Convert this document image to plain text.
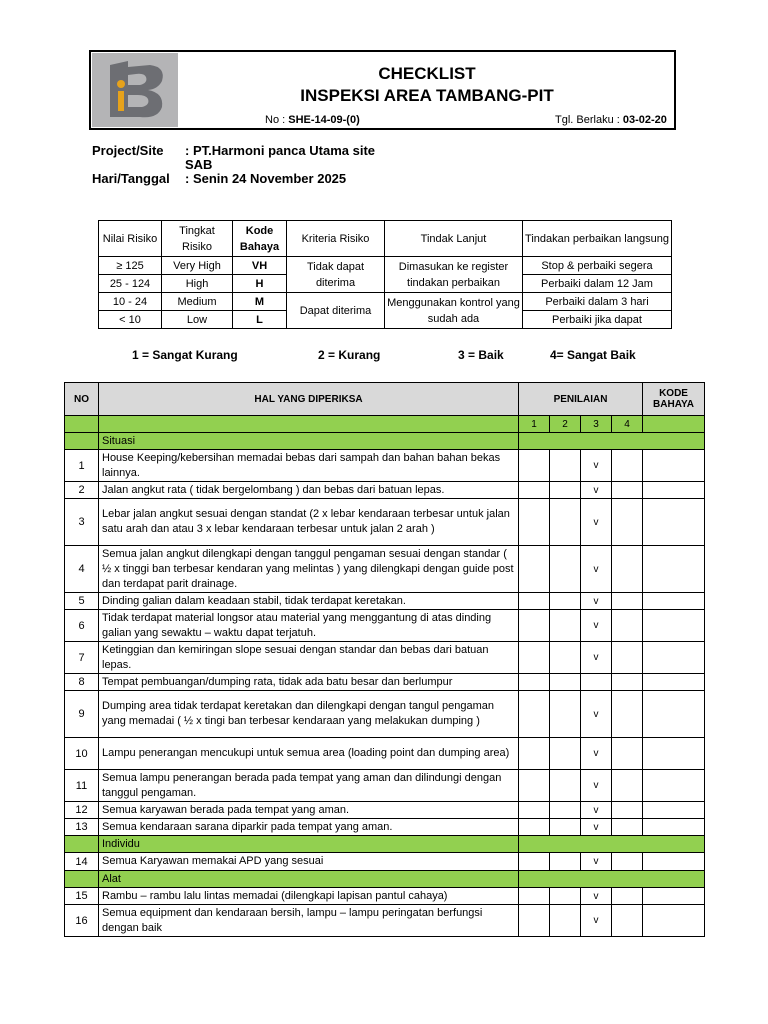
CHECKLIST
INSPEKSI AREA TAMBANG-PIT
No : SHE-14-09-(0)	Tgl. Berlaku : 03-02-20
Project/Site : PT.Harmoni panca Utama site
SAB
Hari/Tanggal : Senin 24 November 2025
Nilai Risiko	Tingkat Risiko	Kode Bahaya	Kriteria Risiko	Tindak Lanjut	Tindakan perbaikan langsung
≥ 125	Very High	VH	Tidak dapat diterima	Dimasukan ke register tindakan perbaikan	Stop & perbaiki segera
25 - 124	High	H			Perbaiki dalam 12 Jam
10 - 24	Medium	M	Dapat diterima	Menggunakan kontrol yang sudah ada	Perbaiki dalam 3 hari
< 10	Low	L			Perbaiki jika dapat
1 = Sangat Kurang	2 = Kurang	3 = Baik	4= Sangat Baik
NO	HAL YANG DIPERIKSA	PENILAIAN				KODE BAHAYA
		1	2	3	4	
	Situasi					
1	House Keeping/kebersihan memadai bebas dari sampah dan bahan bahan bekas lainnya.			v		
2	Jalan angkut rata ( tidak bergelombang ) dan bebas dari batuan lepas.			v		
3	Lebar jalan angkut sesuai dengan standat (2 x lebar kendaraan terbesar untuk jalan satu arah dan atau 3 x lebar kendaraan terbesar untuk jalan 2 arah )			v		
4	Semua jalan angkut dilengkapi dengan tanggul pengaman sesuai dengan standar ( ½ x tinggi ban terbesar kendaran yang melintas ) yang dilengkapi dengan guide post dan terdapat parit drainage.			v		
5	Dinding galian dalam keadaan stabil, tidak terdapat keretakan.			v		
6	Tidak terdapat material longsor atau material yang menggantung di atas dinding galian yang sewaktu – waktu dapat terjatuh.			v		
7	Ketinggian dan kemiringan slope sesuai dengan standar dan bebas dari batuan lepas.			v		
8	Tempat pembuangan/dumping rata, tidak ada batu besar dan berlumpur					
9	Dumping area tidak terdapat keretakan dan dilengkapi dengan tangul pengaman yang memadai ( ½ x tingi ban terbesar kendaraan yang melakukan dumping )			v		
10	Lampu penerangan mencukupi untuk semua area (loading point dan dumping area)			v		
11	Semua lampu penerangan berada pada tempat yang aman dan dilindungi dengan tanggul pengaman.			v		
12	Semua karyawan berada pada tempat yang aman.			v		
13	Semua kendaraan sarana diparkir pada tempat yang aman.			v		
	Individu					
14	Semua Karyawan memakai APD yang sesuai			v		
	Alat					
15	Rambu – rambu lalu lintas memadai (dilengkapi lapisan pantul cahaya)			v		
16	Semua equipment dan kendaraan bersih, lampu – lampu peringatan berfungsi dengan baik			v		
